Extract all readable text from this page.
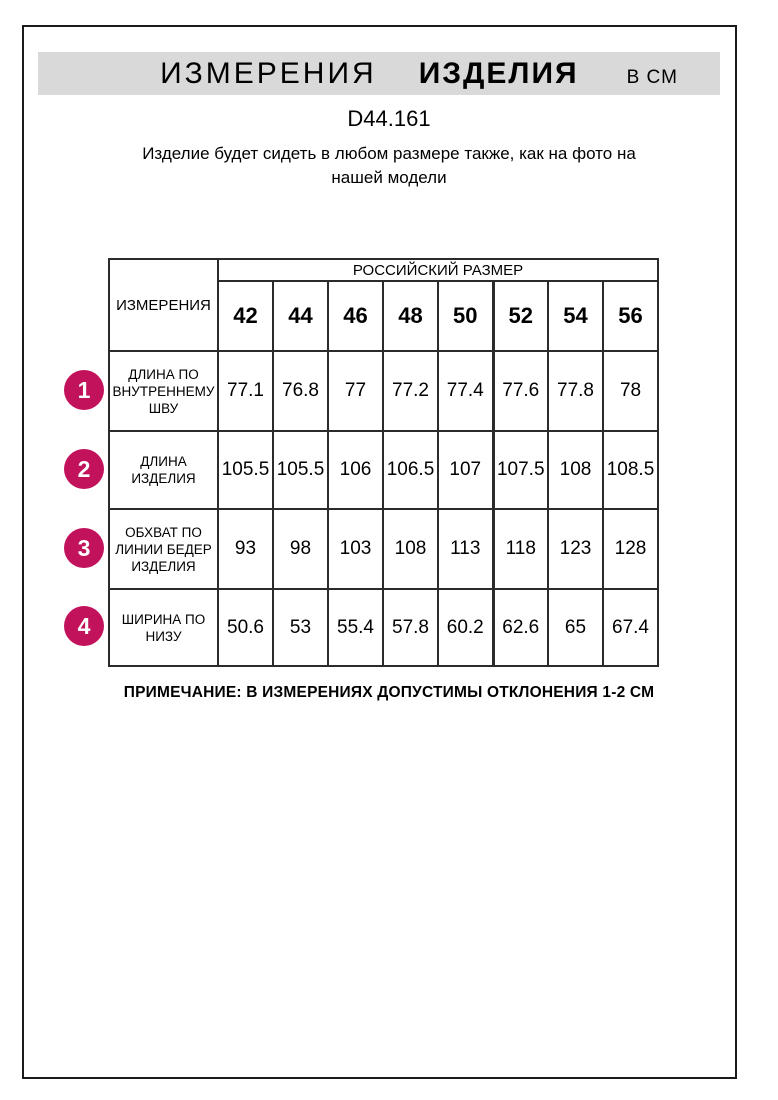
ИЗМЕРЕНИЯ ИЗДЕЛИЯ	В СМ
D44.161
Изделие будет сидеть в любом размере также, как на фото на нашей модели
ИЗМЕРЕНИЯ	РОССИЙСКИЙ РАЗМЕР							
	42	44	46	48	50	52	54	56
ДЛИНА ПО ВНУТРЕННЕМУ ШВУ	77.1	76.8	77	77.2	77.4	77.6	77.8	78
ДЛИНА ИЗДЕЛИЯ	105.5	105.5	106	106.5	107	107.5	108	108.5
ОБХВАТ ПО ЛИНИИ БЕДЕР ИЗДЕЛИЯ	93	98	103	108	113	118	123	128
ШИРИНА ПО НИЗУ	50.6	53	55.4	57.8	60.2	62.6	65	67.4
1
2
3
4
ПРИМЕЧАНИЕ: В ИЗМЕРЕНИЯХ ДОПУСТИМЫ ОТКЛОНЕНИЯ 1-2 СМ
